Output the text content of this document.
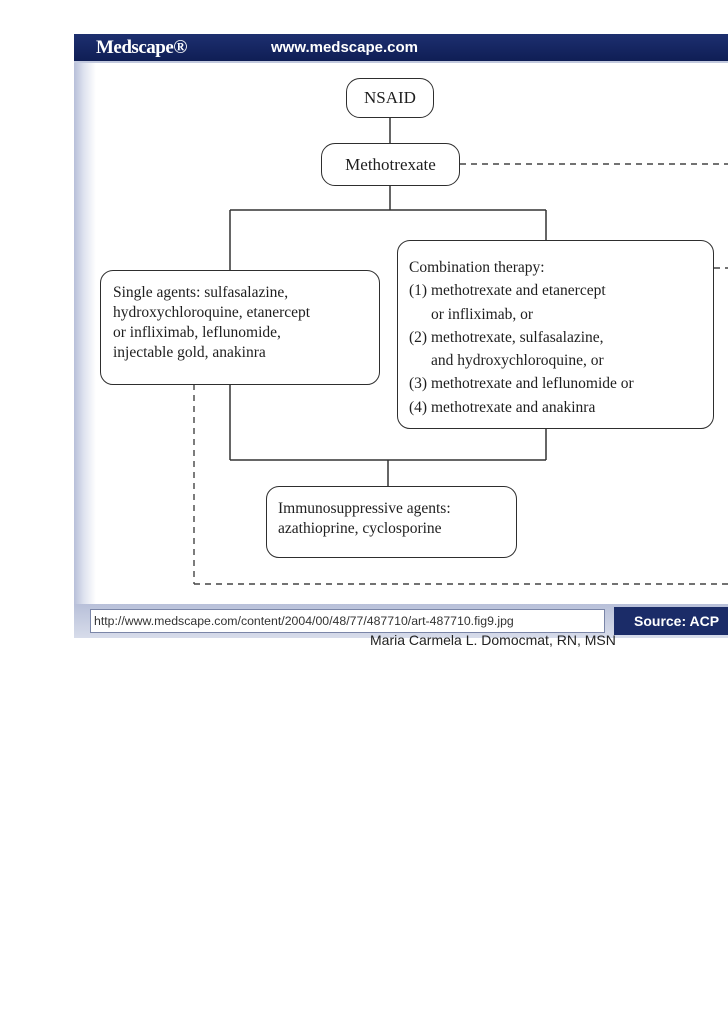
Medscape®	www.medscape.com
NSAID
Methotrexate
Single agents: sulfasalazine,
hydroxychloroquine, etanercept
or infliximab, leflunomide,
injectable gold, anakinra
Combination therapy:
(1) methotrexate and etanercept
or infliximab, or
(2) methotrexate, sulfasalazine,
and hydroxychloroquine, or
(3) methotrexate and leflunomide or
(4) methotrexate and anakinra
Immunosuppressive agents:
azathioprine, cyclosporine
http://www.medscape.com/content/2004/00/48/77/487710/art-487710.fig9.jpg	Source: ACP
Maria Carmela L. Domocmat, RN, MSN
